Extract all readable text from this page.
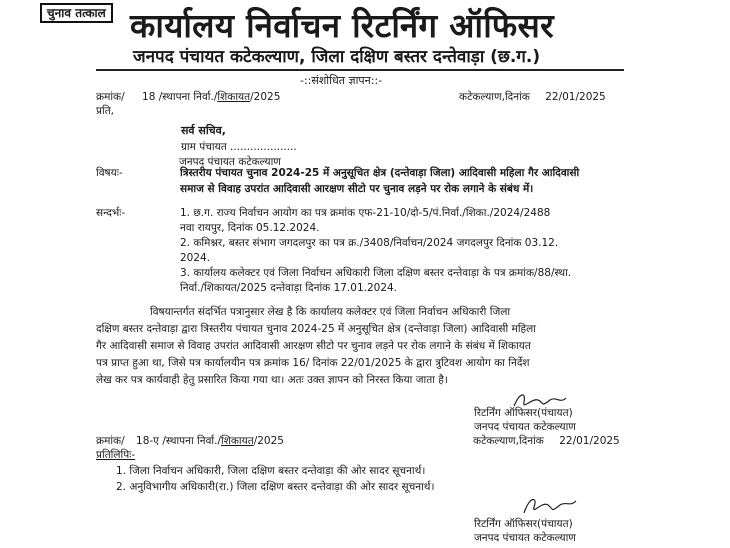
चुनाव तत्काल कार्यालय निर्वाचन रिटर्निंग ऑफिसर
जनपद पंचायत कटेकल्याण, जिला दक्षिण बस्तर दन्तेवाड़ा (छ.ग.)
-::संशोधित ज्ञापन::-
क्रमांक/ 18 /स्थापना निर्वा./शिकायत/2025	कटेकल्याण,दिनांक 22/01/2025
प्रति,
सर्व सचिव,
ग्राम पंचायत ....................
जनपद पंचायत कटेकल्याण
विषयः-	त्रिस्तरीय पंचायत चुनाव 2024-25 में अनुसूचित क्षेत्र (दन्तेवाड़ा जिला) आदिवासी महिला गैर आदिवासी
समाज से विवाह उपरांत आदिवासी आरक्षण सीटो पर चुनाव लड़ने पर रोक लगाने के संबंध में।
सन्दर्भः-	1. छ.ग. राज्य निर्वाचन आयोग का पत्र क्रमांक एफ-21-10/दो-5/पं.निर्वा./शिका./2024/2488
नवा रायपुर, दिनांक 05.12.2024.
2. कमिश्नर, बस्तर संभाग जगदलपुर का पत्र क्र./3408/निर्वाचन/2024 जगदलपुर दिनांक 03.12.
2024.
3. कार्यालय कलेक्टर एवं जिला निर्वाचन अधिकारी जिला दक्षिण बस्तर दन्तेवाड़ा के पत्र क्रमांक/88/स्था.
निर्वा./शिकायत/2025 दन्तेवाड़ा दिनांक 17.01.2024.
विषयान्तर्गत संदर्भित पत्रानुसार लेख है कि कार्यालय कलेक्टर एवं जिला निर्वाचन अधिकारी जिला
दक्षिण बस्तर दन्तेवाड़ा द्वारा त्रिस्तरीय पंचायत चुनाव 2024-25 में अनुसूचित क्षेत्र (दन्तेवाड़ा जिला) आदिवासी महिला
गैर आदिवासी समाज से विवाह उपरांत आदिवासी आरक्षण सीटो पर चुनाव लड़ने पर रोक लगाने के संबंध में शिकायत
पत्र प्राप्त हुआ था, जिसे पत्र कार्यालयीन पत्र क्रमांक 16/ दिनांक 22/01/2025 के द्वारा त्रुटिवश आयोग का निर्देश
लेख कर पत्र कार्यवाही हेतु प्रसारित किया गया था। अतः उक्त ज्ञापन को निरस्त किया जाता है।
रिटर्निंग ऑफिसर(पंचायत)
जनपद पंचायत कटेकल्याण
क्रमांक/ 18-ए /स्थापना निर्वा./शिकायत/2025	कटेकल्याण,दिनांक 22/01/2025
प्रतिलिपिः-
1. जिला निर्वाचन अधिकारी, जिला दक्षिण बस्तर दन्तेवाड़ा की ओर सादर सूचनार्थ।
2. अनुविभागीय अधिकारी(रा.) जिला दक्षिण बस्तर दन्तेवाड़ा की ओर सादर सूचनार्थ।
रिटर्निंग ऑफिसर(पंचायत)
जनपद पंचायत कटेकल्याण
